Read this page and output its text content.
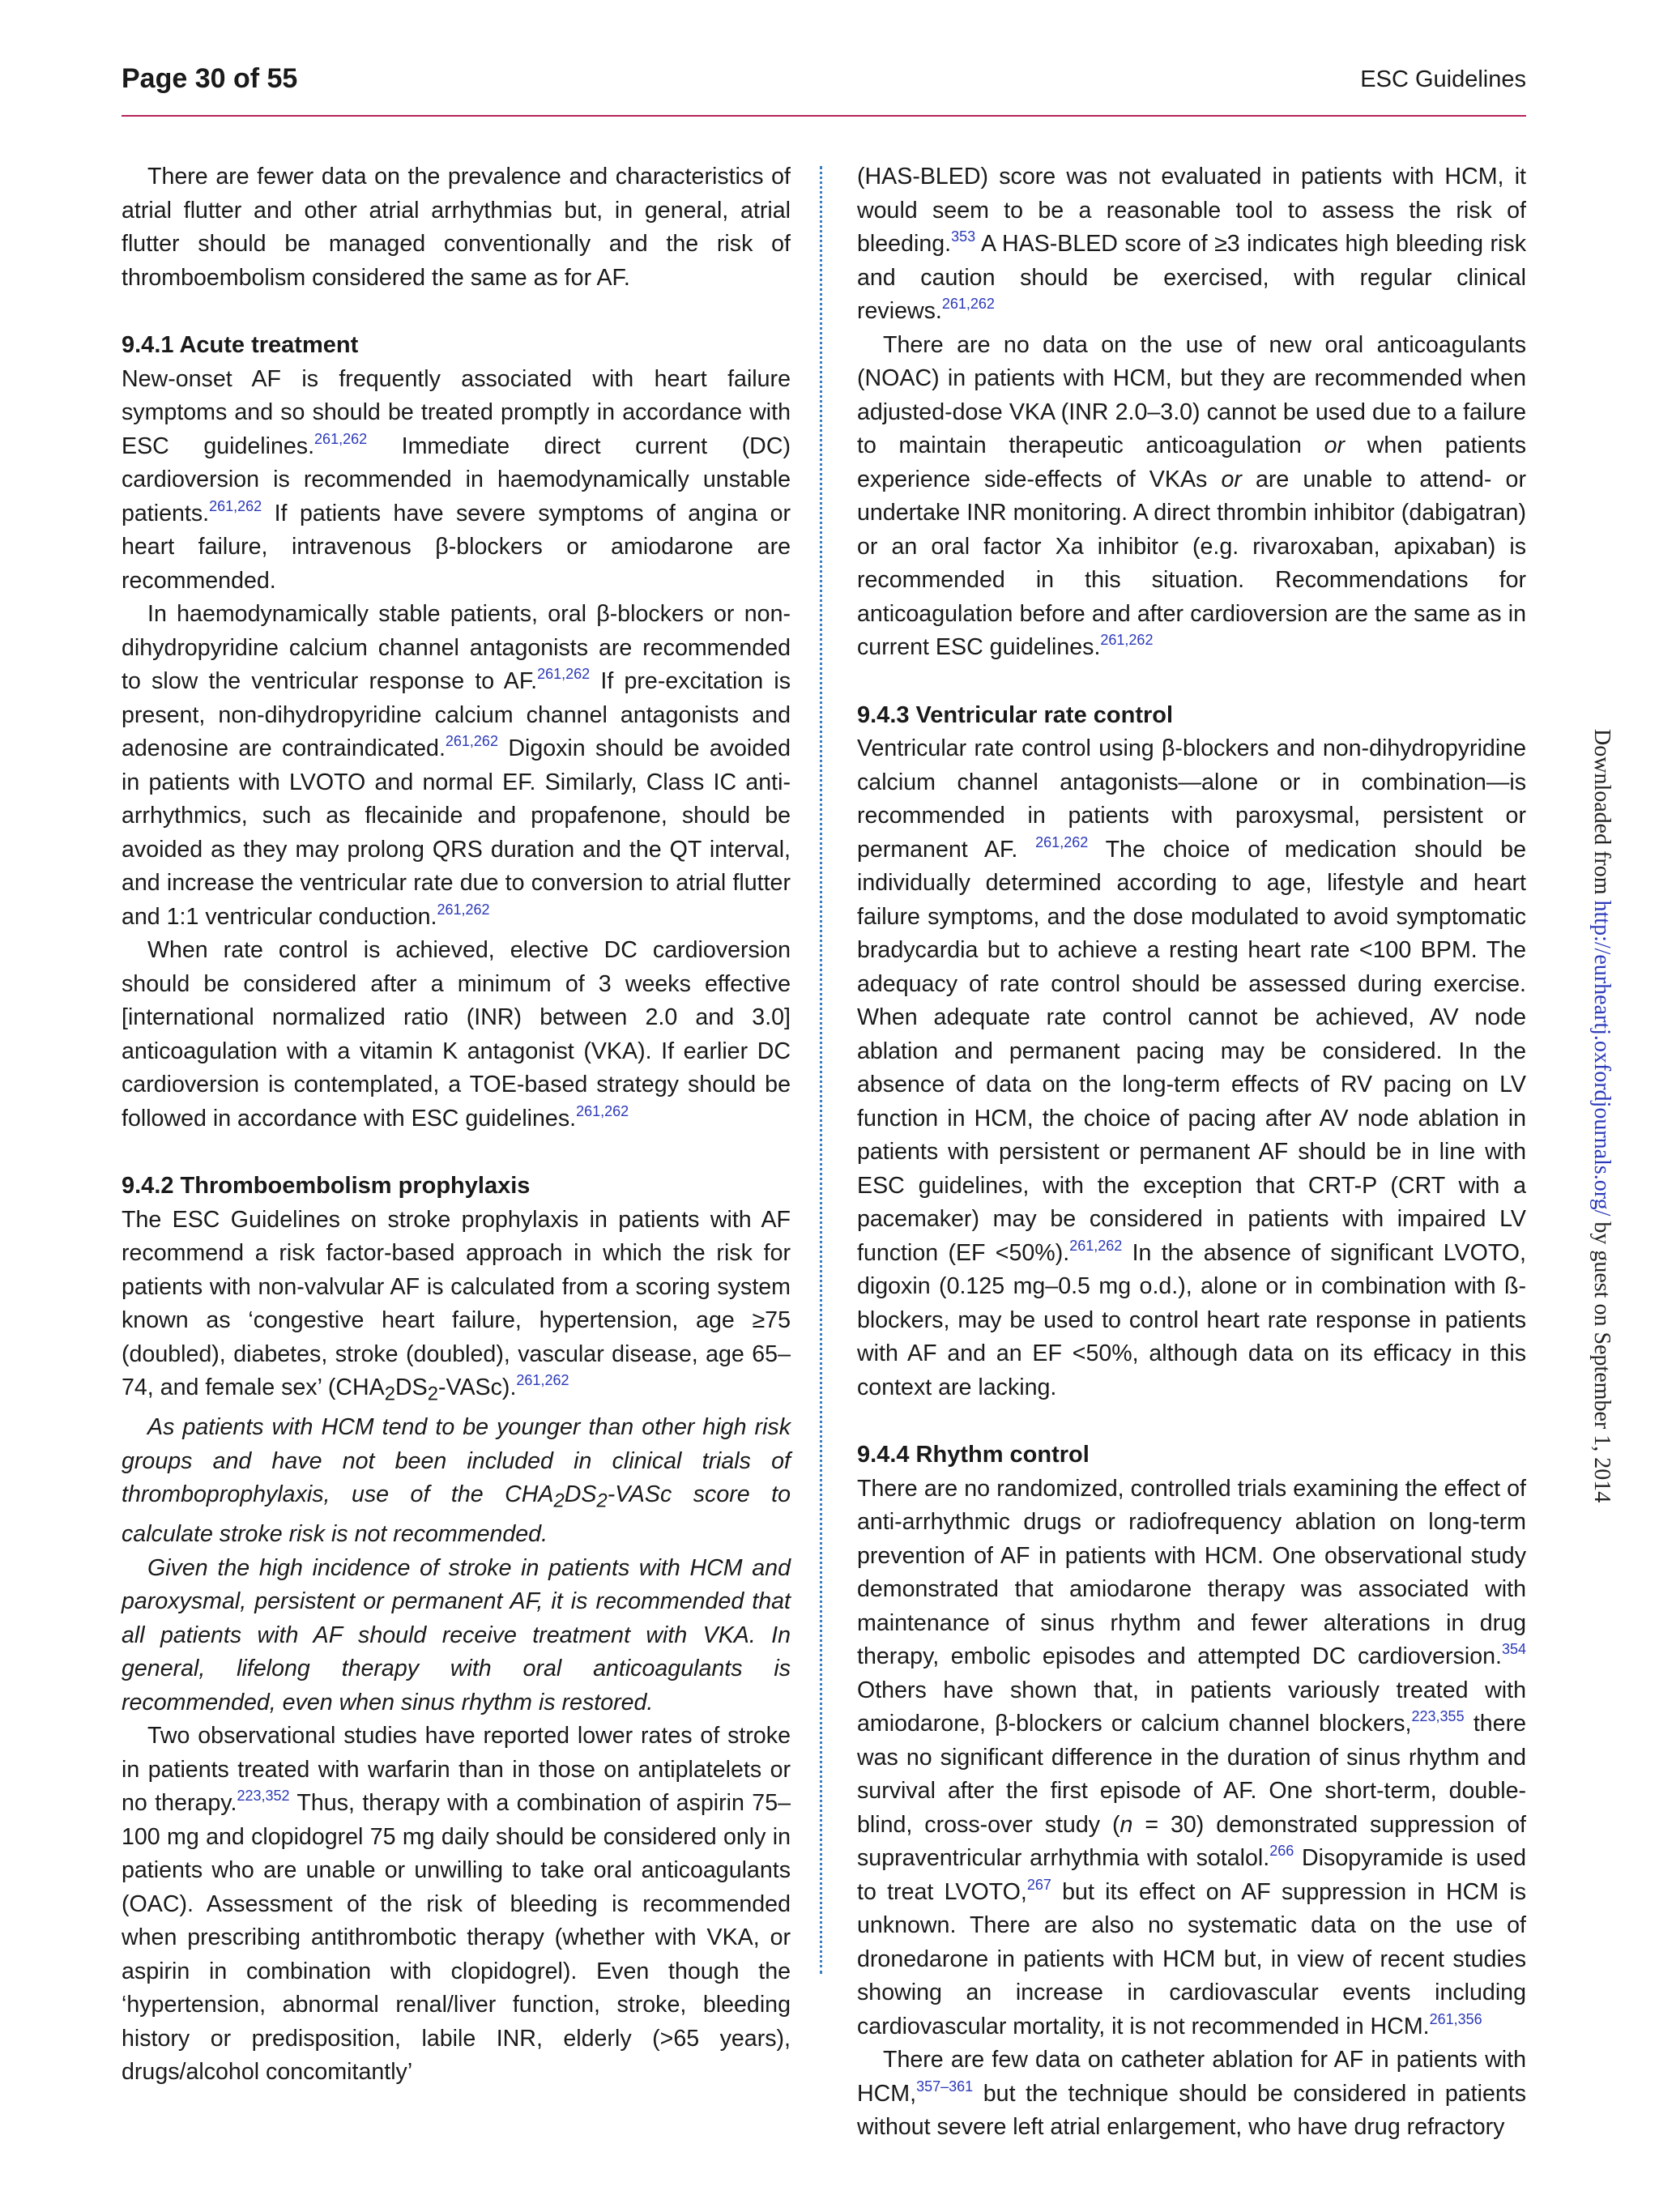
Page 30 of 55	ESC Guidelines

There are fewer data on the prevalence and characteristics of atrial flutter and other atrial arrhythmias but, in general, atrial flutter should be managed conventionally and the risk of thromboembolism considered the same as for AF.

9.4.1 Acute treatment

New-onset AF is frequently associated with heart failure symptoms and so should be treated promptly in accordance with ESC guidelines.$^{261,262}$ Immediate direct current (DC) cardioversion is recommended in haemodynamically unstable patients.$^{261,262}$ If patients have severe symptoms of angina or heart failure, intravenous β-blockers or amiodarone are recommended.

In haemodynamically stable patients, oral β-blockers or non-dihydropyridine calcium channel antagonists are recommended to slow the ventricular response to AF.$^{261,262}$ If pre-excitation is present, non-dihydropyridine calcium channel antagonists and adenosine are contraindicated.$^{261,262}$ Digoxin should be avoided in patients with LVOTO and normal EF. Similarly, Class IC anti-arrhythmics, such as flecainide and propafenone, should be avoided as they may prolong QRS duration and the QT interval, and increase the ventricular rate due to conversion to atrial flutter and 1:1 ventricular conduction.$^{261,262}$

When rate control is achieved, elective DC cardioversion should be considered after a minimum of 3 weeks effective [international normalized ratio (INR) between 2.0 and 3.0] anticoagulation with a vitamin K antagonist (VKA). If earlier DC cardioversion is contemplated, a TOE-based strategy should be followed in accordance with ESC guidelines.$^{261,262}$

9.4.2 Thromboembolism prophylaxis

The ESC Guidelines on stroke prophylaxis in patients with AF recommend a risk factor-based approach in which the risk for patients with non-valvular AF is calculated from a scoring system known as ‘congestive heart failure, hypertension, age ≥75 (doubled), diabetes, stroke (doubled), vascular disease, age 65–74, and female sex’ $(CHA_2DS_2-VASc).^{261,262}$

As patients with HCM tend to be younger than other high risk groups and have not been included in clinical trials of thromboprophylaxis, use of the $CHA_2DS_2$-VASc score to calculate stroke risk is not recommended.

Given the high incidence of stroke in patients with HCM and paroxysmal, persistent or permanent AF, it is recommended that all patients with AF should receive treatment with VKA. In general, lifelong therapy with oral anticoagulants is recommended, even when sinus rhythm is restored.

Two observational studies have reported lower rates of stroke in patients treated with warfarin than in those on antiplatelets or no therapy.$^{223,352}$ Thus, therapy with a combination of aspirin 75–100 mg and clopidogrel 75 mg daily should be considered only in patients who are unable or unwilling to take oral anticoagulants (OAC). Assessment of the risk of bleeding is recommended when prescribing antithrombotic therapy (whether with VKA, or aspirin in combination with clopidogrel). Even though the ‘hypertension, abnormal renal/liver function, stroke, bleeding history or predisposition, labile INR, elderly (>65 years), drugs/alcohol concomitantly’

(HAS-BLED) score was not evaluated in patients with HCM, it would seem to be a reasonable tool to assess the risk of bleeding.$^{353}$ A HAS-BLED score of ≥3 indicates high bleeding risk and caution should be exercised, with regular clinical reviews.$^{261,262}$

There are no data on the use of new oral anticoagulants (NOAC) in patients with HCM, but they are recommended when adjusted-dose VKA (INR 2.0–3.0) cannot be used due to a failure to maintain therapeutic anticoagulation or when patients experience side-effects of VKAs or are unable to attend- or undertake INR monitoring. A direct thrombin inhibitor (dabigatran) or an oral factor Xa inhibitor (e.g. rivaroxaban, apixaban) is recommended in this situation. Recommendations for anticoagulation before and after cardioversion are the same as in current ESC guidelines.$^{261,262}$

9.4.3 Ventricular rate control

Ventricular rate control using β-blockers and non-dihydropyridine calcium channel antagonists—alone or in combination—is recommended in patients with paroxysmal, persistent or permanent AF. $^{261,262}$ The choice of medication should be individually determined according to age, lifestyle and heart failure symptoms, and the dose modulated to avoid symptomatic bradycardia but to achieve a resting heart rate <100 BPM. The adequacy of rate control should be assessed during exercise. When adequate rate control cannot be achieved, AV node ablation and permanent pacing may be considered. In the absence of data on the long-term effects of RV pacing on LV function in HCM, the choice of pacing after AV node ablation in patients with persistent or permanent AF should be in line with ESC guidelines, with the exception that CRT-P (CRT with a pacemaker) may be considered in patients with impaired LV function (EF <50%).$^{261,262}$ In the absence of significant LVOTO, digoxin (0.125 mg–0.5 mg o.d.), alone or in combination with ß-blockers, may be used to control heart rate response in patients with AF and an EF <50%, although data on its efficacy in this context are lacking.

9.4.4 Rhythm control

There are no randomized, controlled trials examining the effect of anti-arrhythmic drugs or radiofrequency ablation on long-term prevention of AF in patients with HCM. One observational study demonstrated that amiodarone therapy was associated with maintenance of sinus rhythm and fewer alterations in drug therapy, embolic episodes and attempted DC cardioversion.$^{354}$ Others have shown that, in patients variously treated with amiodarone, β-blockers or calcium channel blockers,$^{223,355}$ there was no significant difference in the duration of sinus rhythm and survival after the first episode of AF. One short-term, double-blind, cross-over study (n = 30) demonstrated suppression of supraventricular arrhythmia with sotalol.$^{266}$ Disopyramide is used to treat LVOTO,$^{267}$ but its effect on AF suppression in HCM is unknown. There are also no systematic data on the use of dronedarone in patients with HCM but, in view of recent studies showing an increase in cardiovascular events including cardiovascular mortality, it is not recommended in HCM.$^{261,356}$

There are few data on catheter ablation for AF in patients with HCM,$^{357-361}$ but the technique should be considered in patients without severe left atrial enlargement, who have drug refractory

Downloaded from http://eurheartj.oxfordjournals.org/ by guest on September 1, 2014
